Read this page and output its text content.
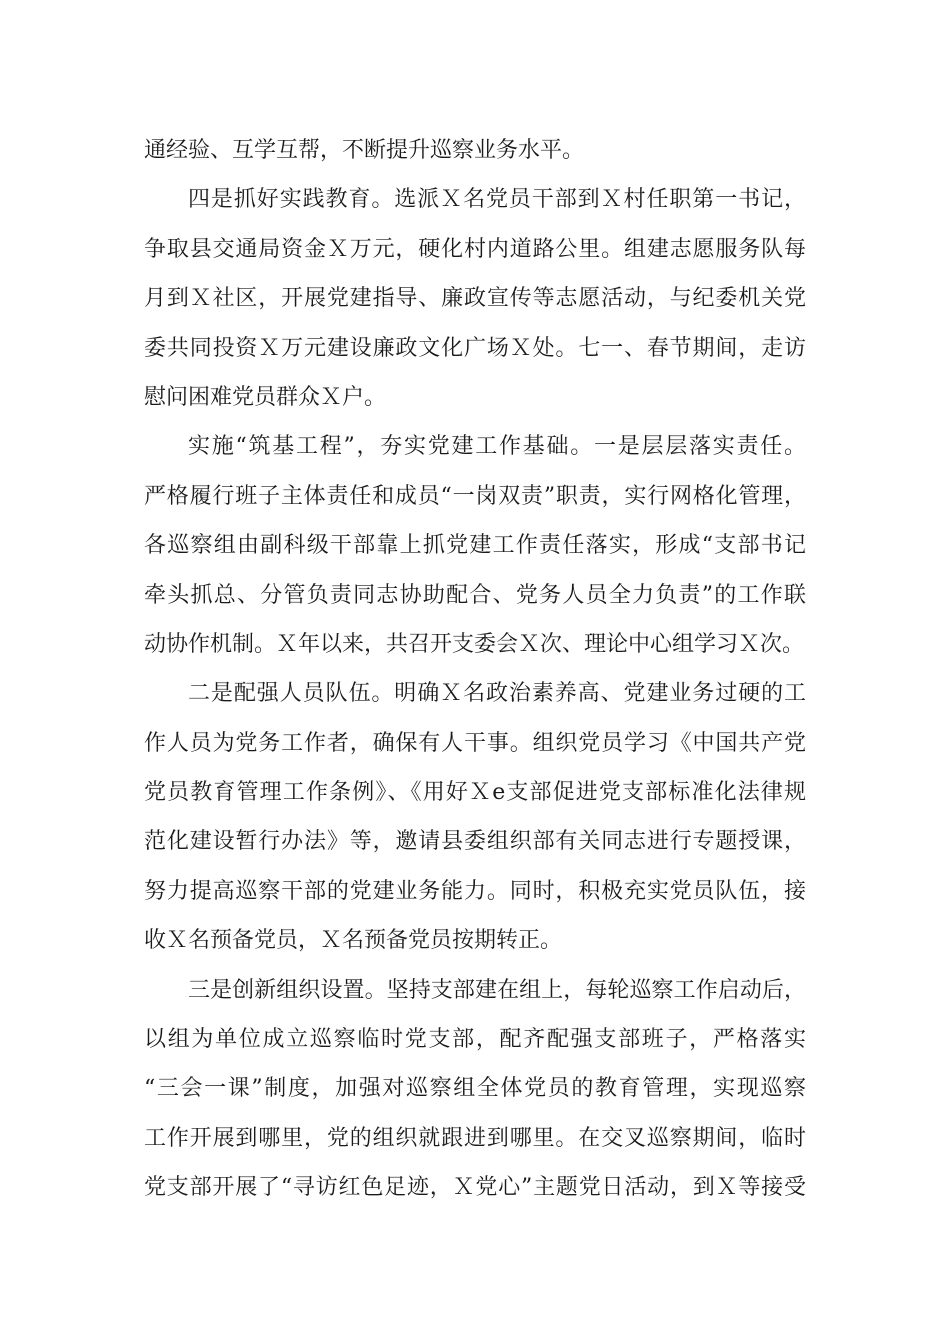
通经验、互学互帮，不断提升巡察业务水平。
四是抓好实践教育。选派Ｘ名党员干部到Ｘ村任职第一书记，
争取县交通局资金Ｘ万元，硬化村内道路公里。组建志愿服务队每
月到Ｘ社区，开展党建指导、廉政宣传等志愿活动，与纪委机关党
委共同投资Ｘ万元建设廉政文化广场Ｘ处。七一、春节期间，走访
慰问困难党员群众Ｘ户。
实施“筑基工程”，夯实党建工作基础。一是层层落实责任。
严格履行班子主体责任和成员“一岗双责”职责，实行网格化管理，
各巡察组由副科级干部靠上抓党建工作责任落实，形成“支部书记
牵头抓总、分管负责同志协助配合、党务人员全力负责”的工作联
动协作机制。Ｘ年以来，共召开支委会Ｘ次、理论中心组学习Ｘ次。
二是配强人员队伍。明确Ｘ名政治素养高、党建业务过硬的工
作人员为党务工作者，确保有人干事。组织党员学习《中国共产党
党员教育管理工作条例》、《用好Ｘe支部促进党支部标准化法律规
范化建设暂行办法》等，邀请县委组织部有关同志进行专题授课，
努力提高巡察干部的党建业务能力。同时，积极充实党员队伍，接
收Ｘ名预备党员，Ｘ名预备党员按期转正。
三是创新组织设置。坚持支部建在组上，每轮巡察工作启动后，
以组为单位成立巡察临时党支部，配齐配强支部班子，严格落实
“三会一课”制度，加强对巡察组全体党员的教育管理，实现巡察
工作开展到哪里，党的组织就跟进到哪里。在交叉巡察期间，临时
党支部开展了“寻访红色足迹，Ｘ党心”主题党日活动，到Ｘ等接受
